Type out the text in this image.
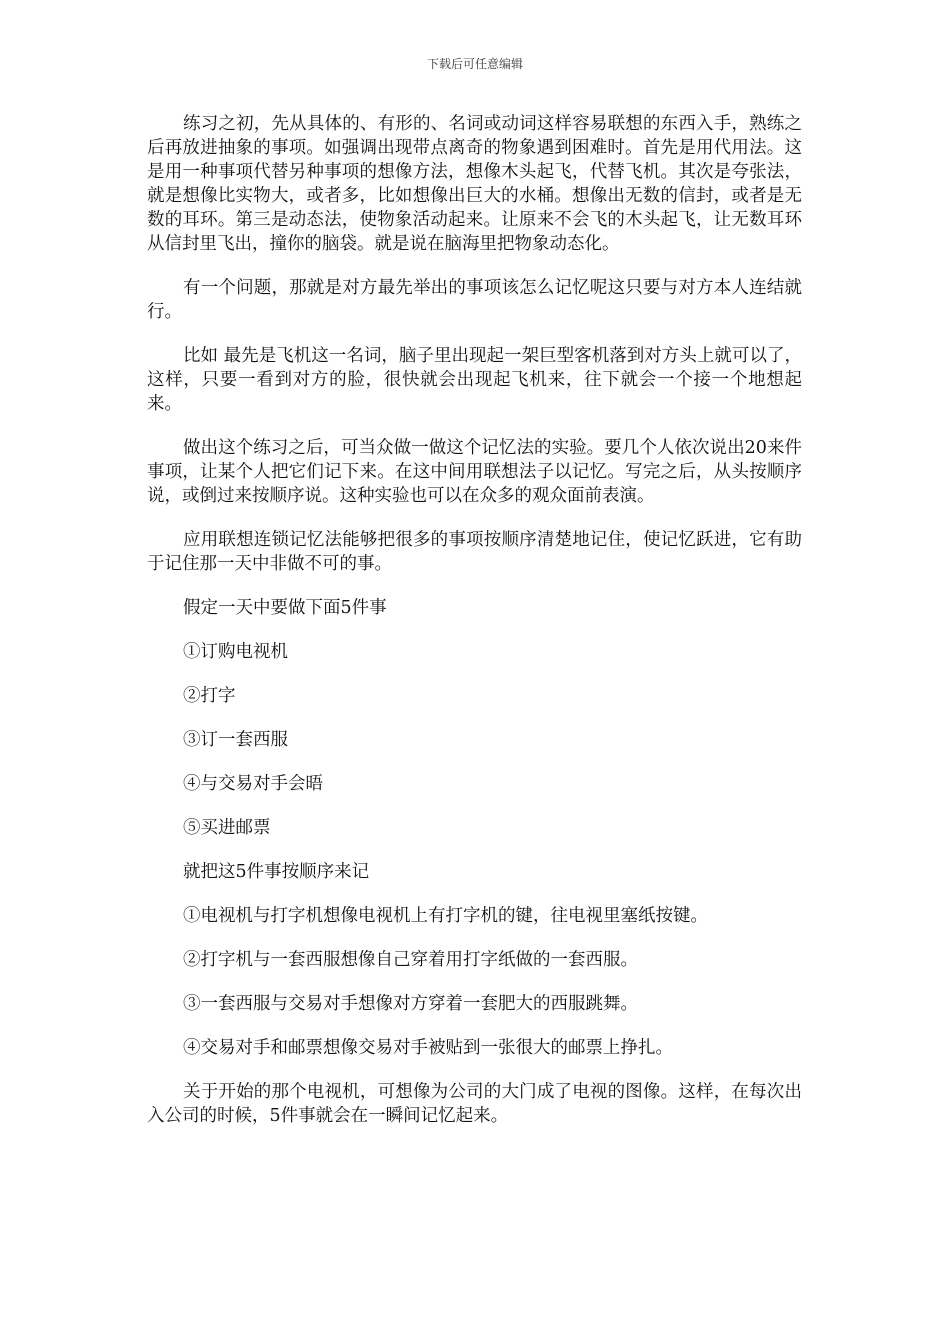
下载后可任意编辑

练习之初，先从具体的、有形的、名词或动词这样容易联想的东西入手，熟练之后再放进抽象的事项。如强调出现带点离奇的物象遇到困难时。首先是用代用法。这是用一种事项代替另种事项的想像方法，想像木头起飞，代替飞机。其次是夸张法，就是想像比实物大，或者多，比如想像出巨大的水桶。想像出无数的信封，或者是无数的耳环。第三是动态法，使物象活动起来。让原来不会飞的木头起飞，让无数耳环从信封里飞出，撞你的脑袋。就是说在脑海里把物象动态化。

有一个问题，那就是对方最先举出的事项该怎么记忆呢这只要与对方本人连结就行。

比如 最先是飞机这一名词，脑子里出现起一架巨型客机落到对方头上就可以了，这样，只要一看到对方的脸，很快就会出现起飞机来，往下就会一个接一个地想起来。

做出这个练习之后，可当众做一做这个记忆法的实验。要几个人依次说出20来件事项，让某个人把它们记下来。在这中间用联想法子以记忆。写完之后，从头按顺序说，或倒过来按顺序说。这种实验也可以在众多的观众面前表演。

应用联想连锁记忆法能够把很多的事项按顺序清楚地记住，使记忆跃进，它有助于记住那一天中非做不可的事。

假定一天中要做下面5件事

①订购电视机

②打字

③订一套西服

④与交易对手会晤

⑤买进邮票

就把这5件事按顺序来记

①电视机与打字机想像电视机上有打字机的键，往电视里塞纸按键。

②打字机与一套西服想像自己穿着用打字纸做的一套西服。

③一套西服与交易对手想像对方穿着一套肥大的西服跳舞。

④交易对手和邮票想像交易对手被贴到一张很大的邮票上挣扎。

关于开始的那个电视机，可想像为公司的大门成了电视的图像。这样，在每次出入公司的时候，5件事就会在一瞬间记忆起来。
